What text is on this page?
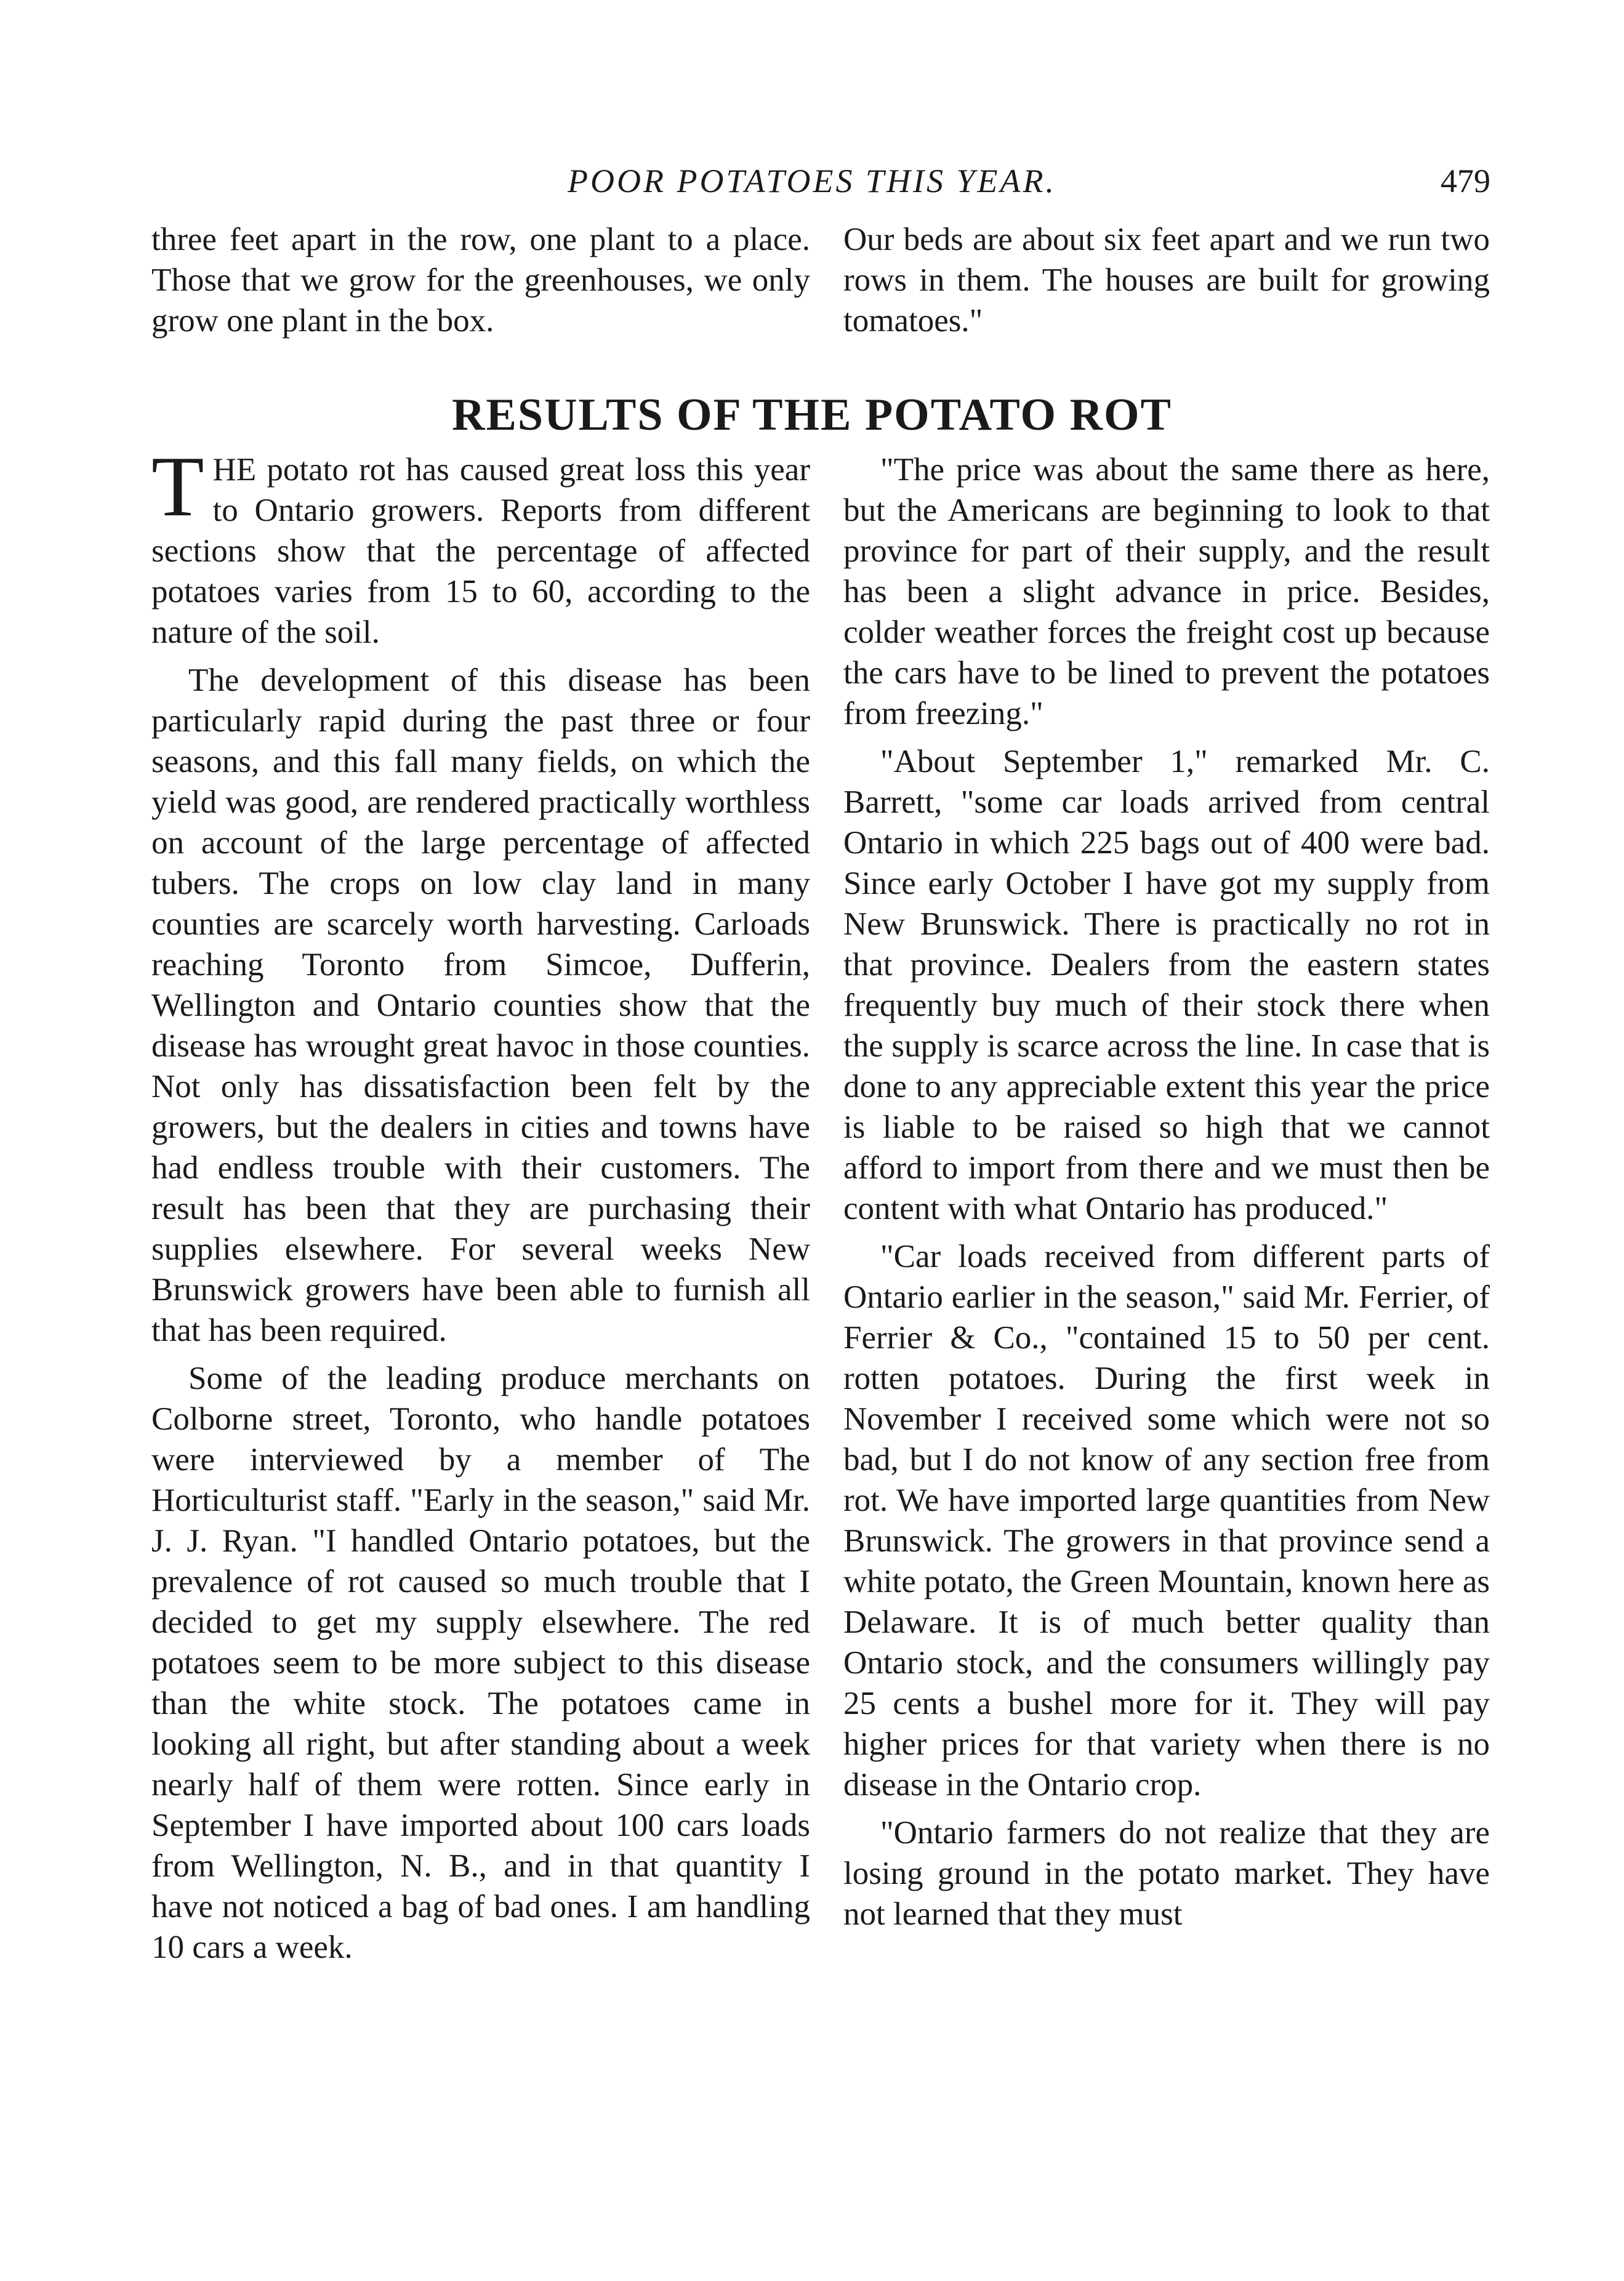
POOR POTATOES THIS YEAR.	479

three feet apart in the row, one plant to a place. Those that we grow for the greenhouses, we only grow one plant in the box.

Our beds are about six feet apart and we run two rows in them. The houses are built for growing tomatoes."

RESULTS OF THE POTATO ROT

THE potato rot has caused great loss this year to Ontario growers. Reports from different sections show that the percentage of affected potatoes varies from 15 to 60, according to the nature of the soil.

The development of this disease has been particularly rapid during the past three or four seasons, and this fall many fields, on which the yield was good, are rendered practically worthless on account of the large percentage of affected tubers. The crops on low clay land in many counties are scarcely worth harvesting. Carloads reaching Toronto from Simcoe, Dufferin, Wellington and Ontario counties show that the disease has wrought great havoc in those counties. Not only has dissatisfaction been felt by the growers, but the dealers in cities and towns have had endless trouble with their customers. The result has been that they are purchasing their supplies elsewhere. For several weeks New Brunswick growers have been able to furnish all that has been required.

Some of the leading produce merchants on Colborne street, Toronto, who handle potatoes were interviewed by a member of The Horticulturist staff. "Early in the season," said Mr. J. J. Ryan. "I handled Ontario potatoes, but the prevalence of rot caused so much trouble that I decided to get my supply elsewhere. The red potatoes seem to be more subject to this disease than the white stock. The potatoes came in looking all right, but after standing about a week nearly half of them were rotten. Since early in September I have imported about 100 cars loads from Wellington, N. B., and in that quantity I have not noticed a bag of bad ones. I am handling 10 cars a week.

"The price was about the same there as here, but the Americans are beginning to look to that province for part of their supply, and the result has been a slight advance in price. Besides, colder weather forces the freight cost up because the cars have to be lined to prevent the potatoes from freezing."

"About September 1," remarked Mr. C. Barrett, "some car loads arrived from central Ontario in which 225 bags out of 400 were bad. Since early October I have got my supply from New Brunswick. There is practically no rot in that province. Dealers from the eastern states frequently buy much of their stock there when the supply is scarce across the line. In case that is done to any appreciable extent this year the price is liable to be raised so high that we cannot afford to import from there and we must then be content with what Ontario has produced."

"Car loads received from different parts of Ontario earlier in the season," said Mr. Ferrier, of Ferrier & Co., "contained 15 to 50 per cent. rotten potatoes. During the first week in November I received some which were not so bad, but I do not know of any section free from rot. We have imported large quantities from New Brunswick. The growers in that province send a white potato, the Green Mountain, known here as Delaware. It is of much better quality than Ontario stock, and the consumers willingly pay 25 cents a bushel more for it. They will pay higher prices for that variety when there is no disease in the Ontario crop.

"Ontario farmers do not realize that they are losing ground in the potato market. They have not learned that they must
